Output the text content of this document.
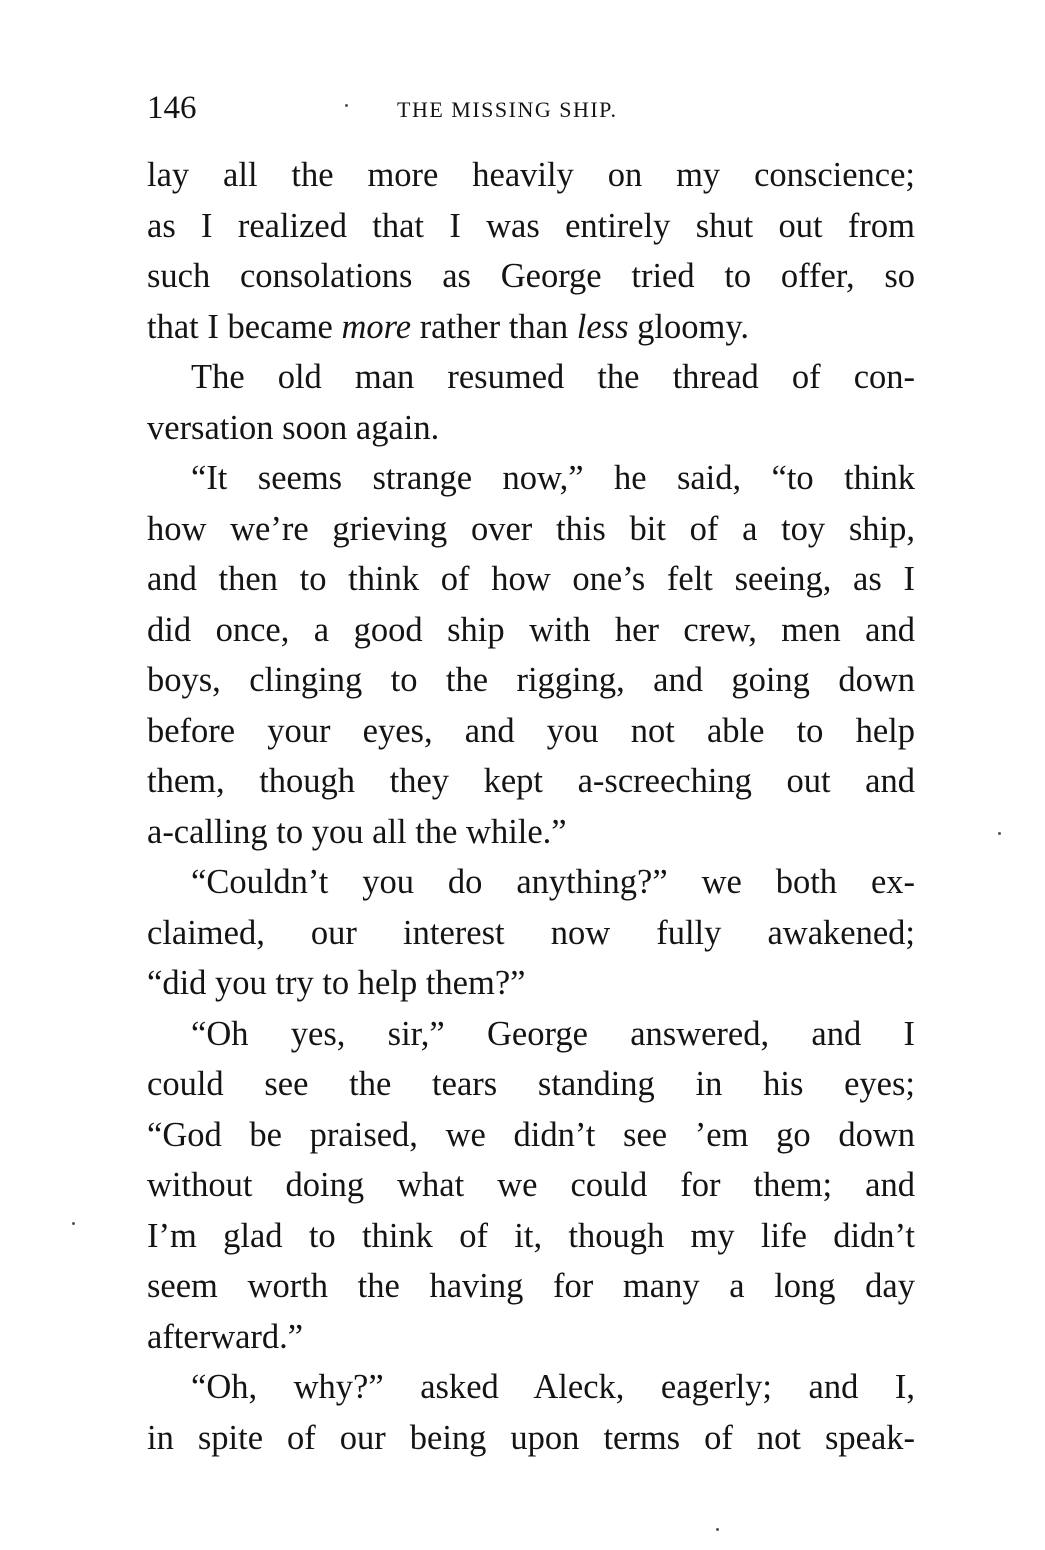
146	THE MISSING SHIP.
lay all the more heavily on my conscience;
as I realized that I was entirely shut out from
such consolations as George tried to offer, so
that I became more rather than less gloomy.
The old man resumed the thread of con-
versation soon again.
“It seems strange now,” he said, “to think
how we’re grieving over this bit of a toy ship,
and then to think of how one’s felt seeing, as I
did once, a good ship with her crew, men and
boys, clinging to the rigging, and going down
before your eyes, and you not able to help
them, though they kept a-screeching out and
a-calling to you all the while.”
“Couldn’t you do anything?” we both ex-
claimed, our interest now fully awakened;
“did you try to help them?”
“Oh yes, sir,” George answered, and I
could see the tears standing in his eyes;
“God be praised, we didn’t see ’em go down
without doing what we could for them; and
I’m glad to think of it, though my life didn’t
seem worth the having for many a long day
afterward.”
“Oh, why?” asked Aleck, eagerly; and I,
in spite of our being upon terms of not speak-
